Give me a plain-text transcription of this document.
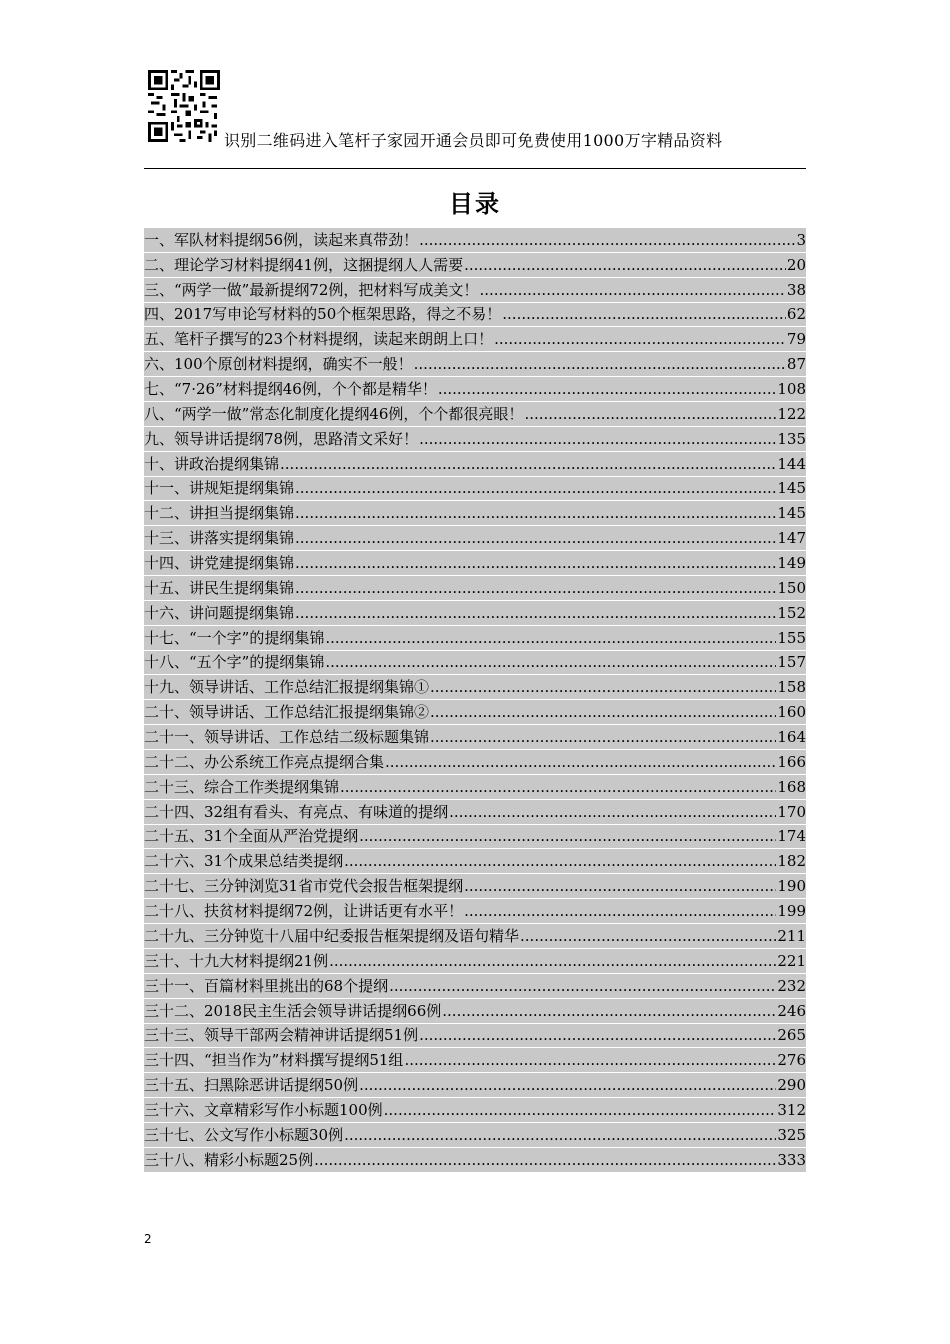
识别二维码进入笔杆子家园开通会员即可免费使用1000万字精品资料
目录
一、军队材料提纲56例，读起来真带劲！ .....	3
二、理论学习材料提纲41例，这捆提纲人人需要 .....	20
三、“两学一做”最新提纲72例，把材料写成美文！ .....	38
四、2017写申论写材料的50个框架思路，得之不易！ .....	62
五、笔杆子撰写的23个材料提纲，读起来朗朗上口！ .....	79
六、100个原创材料提纲，确实不一般！ .....	87
七、“7·26”材料提纲46例，个个都是精华！ .....	108
八、“两学一做”常态化制度化提纲46例，个个都很亮眼！ .....	122
九、领导讲话提纲78例，思路清文采好！ .....	135
十、讲政治提纲集锦 .....	144
十一、讲规矩提纲集锦 .....	145
十二、讲担当提纲集锦 .....	145
十三、讲落实提纲集锦 .....	147
十四、讲党建提纲集锦 .....	149
十五、讲民生提纲集锦 .....	150
十六、讲问题提纲集锦 .....	152
十七、“一个字”的提纲集锦 .....	155
十八、“五个字”的提纲集锦 .....	157
十九、领导讲话、工作总结汇报提纲集锦① .....	158
二十、领导讲话、工作总结汇报提纲集锦② .....	160
二十一、领导讲话、工作总结二级标题集锦 .....	164
二十二、办公系统工作亮点提纲合集 .....	166
二十三、综合工作类提纲集锦 .....	168
二十四、32组有看头、有亮点、有味道的提纲 .....	170
二十五、31个全面从严治党提纲 .....	174
二十六、31个成果总结类提纲 .....	182
二十七、三分钟浏览31省市党代会报告框架提纲 .....	190
二十八、扶贫材料提纲72例，让讲话更有水平！ .....	199
二十九、三分钟览十八届中纪委报告框架提纲及语句精华 .....	211
三十、十九大材料提纲21例 .....	221
三十一、百篇材料里挑出的68个提纲 .....	232
三十二、2018民主生活会领导讲话提纲66例 .....	246
三十三、领导干部两会精神讲话提纲51例 .....	265
三十四、“担当作为”材料撰写提纲51组 .....	276
三十五、扫黑除恶讲话提纲50例 .....	290
三十六、文章精彩写作小标题100例 .....	312
三十七、公文写作小标题30例 .....	325
三十八、精彩小标题25例 .....	333
2
